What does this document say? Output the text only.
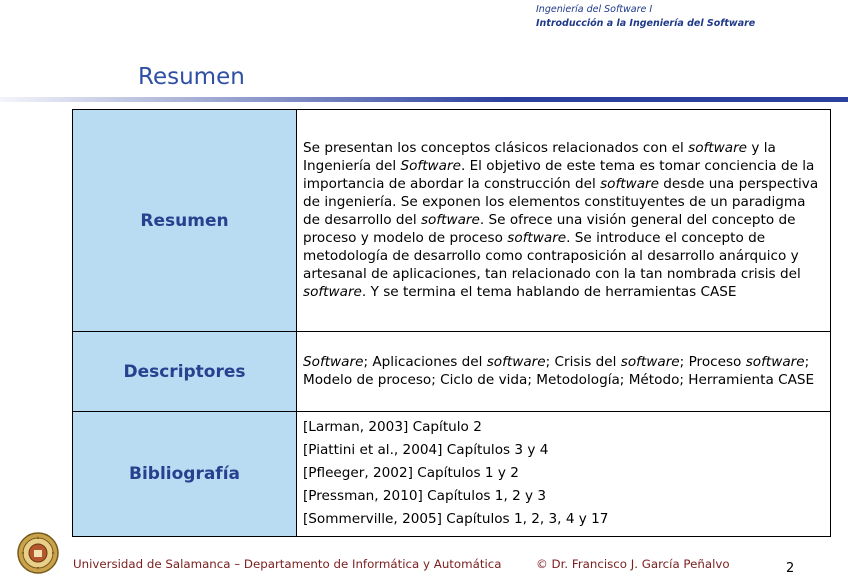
Ingeniería del Software I
Introducción a la Ingeniería del Software
Resumen
Resumen	Se presentan los conceptos clásicos relacionados con el software y la Ingeniería del Software. El objetivo de este tema es tomar conciencia de la importancia de abordar la construcción del software desde una perspectiva de ingeniería. Se exponen los elementos constituyentes de un paradigma de desarrollo del software. Se ofrece una visión general del concepto de proceso y modelo de proceso software. Se introduce el concepto de metodología de desarrollo como contraposición al desarrollo anárquico y artesanal de aplicaciones, tan relacionado con la tan nombrada crisis del software. Y se termina el tema hablando de herramientas CASE
Descriptores	Software; Aplicaciones del software; Crisis del software; Proceso software; Modelo de proceso; Ciclo de vida; Metodología; Método; Herramienta CASE
Bibliografía	[Larman, 2003] Capítulo 2
[Piattini et al., 2004] Capítulos 3 y 4
[Pfleeger, 2002] Capítulos 1 y 2
[Pressman, 2010] Capítulos 1, 2 y 3
[Sommerville, 2005] Capítulos 1, 2, 3, 4 y 17
Universidad de Salamanca – Departamento de Informática y Automática	© Dr. Francisco J. García Peñalvo	2
